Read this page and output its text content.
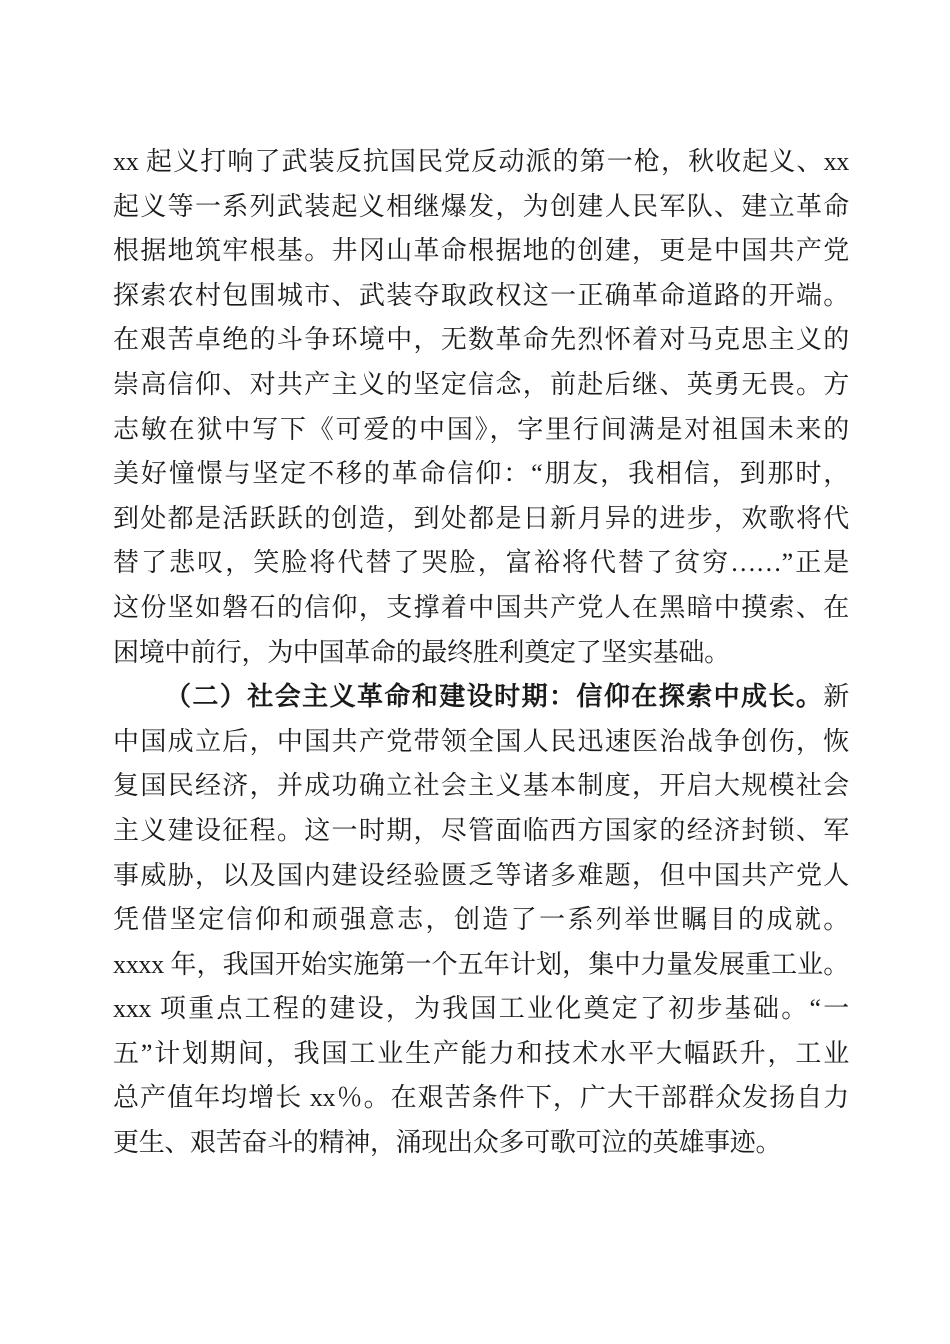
xx 起义打响了武装反抗国民党反动派的第一枪，秋收起义、xx
起义等一系列武装起义相继爆发，为创建人民军队、建立革命
根据地筑牢根基。井冈山革命根据地的创建，更是中国共产党
探索农村包围城市、武装夺取政权这一正确革命道路的开端。
在艰苦卓绝的斗争环境中，无数革命先烈怀着对马克思主义的
崇高信仰、对共产主义的坚定信念，前赴后继、英勇无畏。方
志敏在狱中写下《可爱的中国》，字里行间满是对祖国未来的
美好憧憬与坚定不移的革命信仰：“朋友，我相信，到那时，
到处都是活跃跃的创造，到处都是日新月异的进步，欢歌将代
替了悲叹，笑脸将代替了哭脸，富裕将代替了贫穷……”正是
这份坚如磐石的信仰，支撑着中国共产党人在黑暗中摸索、在
困境中前行，为中国革命的最终胜利奠定了坚实基础。
（二）社会主义革命和建设时期：信仰在探索中成长。新
中国成立后，中国共产党带领全国人民迅速医治战争创伤，恢
复国民经济，并成功确立社会主义基本制度，开启大规模社会
主义建设征程。这一时期，尽管面临西方国家的经济封锁、军
事威胁，以及国内建设经验匮乏等诸多难题，但中国共产党人
凭借坚定信仰和顽强意志，创造了一系列举世瞩目的成就。
xxxx 年，我国开始实施第一个五年计划，集中力量发展重工业。
xxx 项重点工程的建设，为我国工业化奠定了初步基础。“一
五”计划期间，我国工业生产能力和技术水平大幅跃升，工业
总产值年均增长 xx％。在艰苦条件下，广大干部群众发扬自力
更生、艰苦奋斗的精神，涌现出众多可歌可泣的英雄事迹。
